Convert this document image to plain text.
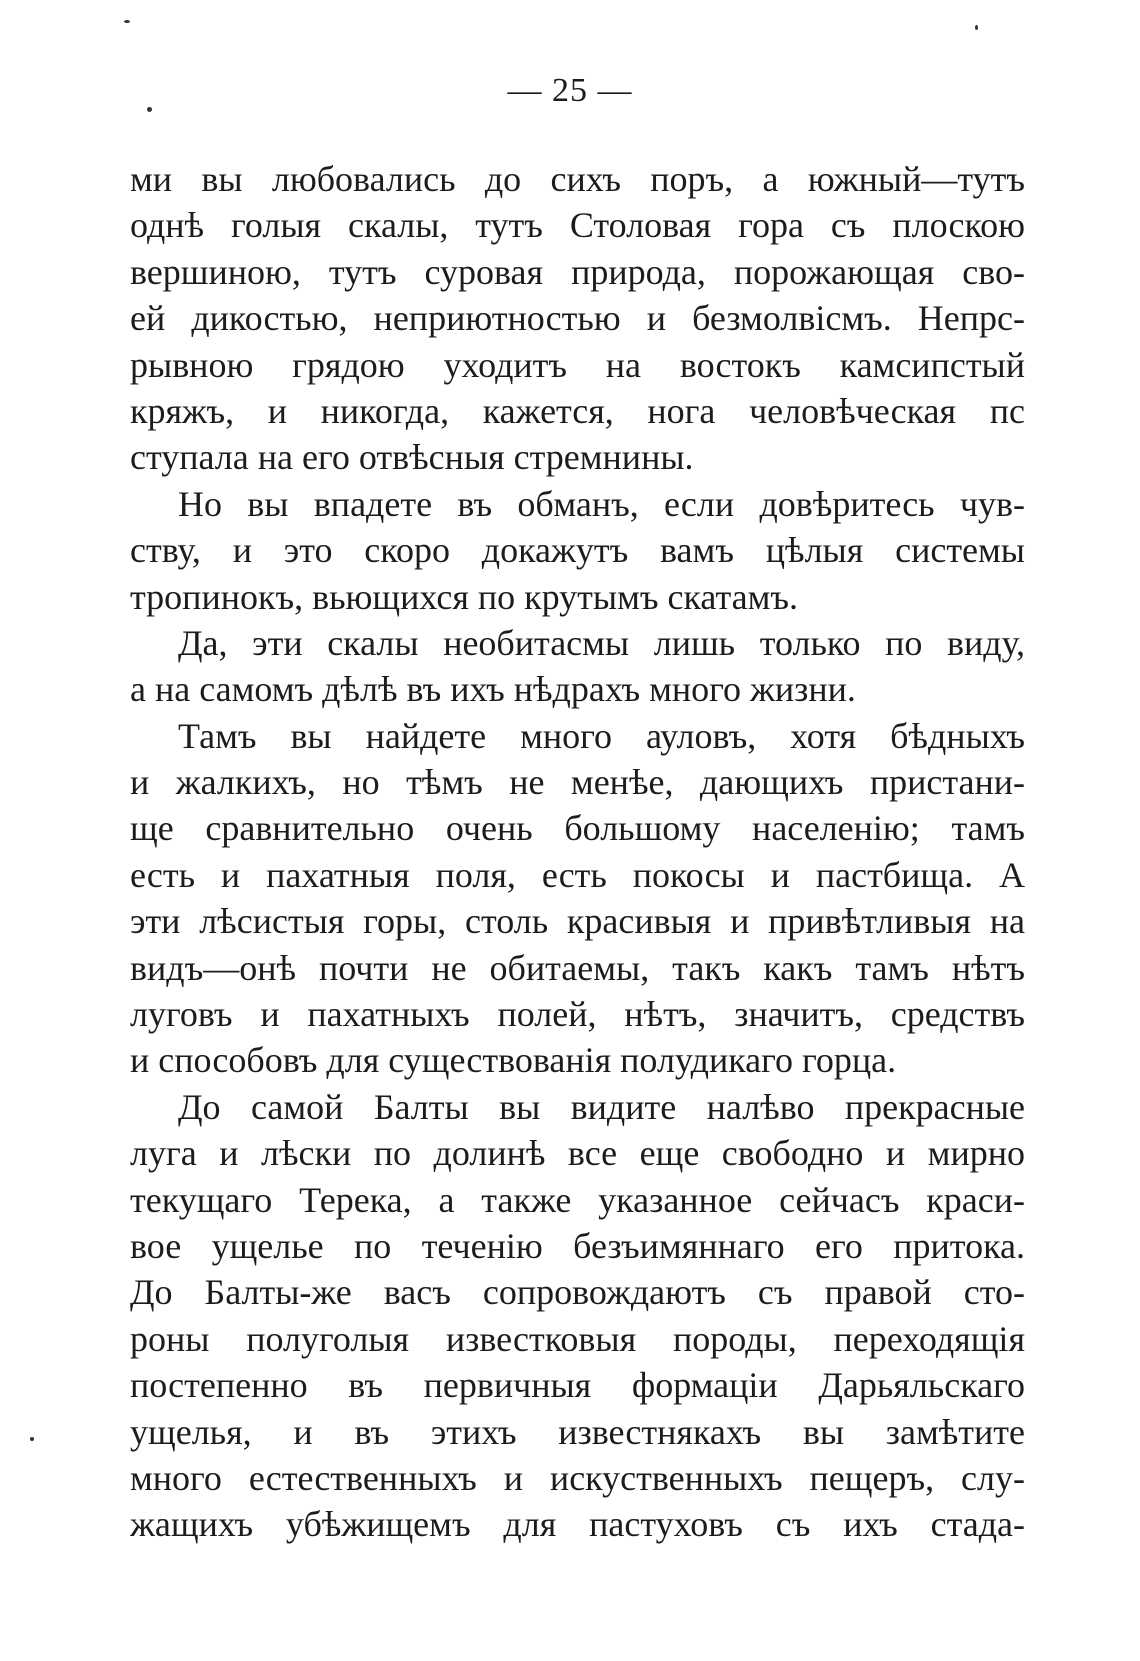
— 25 —
ми вы любовались до сихъ поръ, а южный—тутъ
однѣ голыя скалы, тутъ Столовая гора съ плоскою
вершиною, тутъ суровая природа, порожающая сво-
ей дикостью, неприютностью и безмолвісмъ. Непрс-
рывною грядою уходитъ на востокъ камсипстый
кряжъ, и никогда, кажется, нога человѣческая пс
ступала на его отвѣсныя стремнины.
Но вы впадете въ обманъ, если довѣритесь чув-
ству, и это скоро докажутъ вамъ цѣлыя системы
тропинокъ, вьющихся по крутымъ скатамъ.
Да, эти скалы необитасмы лишь только по виду,
а на самомъ дѣлѣ въ ихъ нѣдрахъ много жизни.
Тамъ вы найдете много ауловъ, хотя бѣдныхъ
и жалкихъ, но тѣмъ не менѣе, дающихъ пристани-
ще сравнительно очень большому населенію; тамъ
есть и пахатныя поля, есть покосы и пастбища. А
эти лѣсистыя горы, столь красивыя и привѣтливыя на
видъ—онѣ почти не обитаемы, такъ какъ тамъ нѣтъ
луговъ и пахатныхъ полей, нѣтъ, значитъ, средствъ
и способовъ для существованія полудикаго горца.
До самой Балты вы видите налѣво прекрасные
луга и лѣски по долинѣ все еще свободно и мирно
текущаго Терека, а также указанное сейчасъ краси-
вое ущелье по теченію безъимяннаго его притока.
До Балты-же васъ сопровождаютъ съ правой сто-
роны полуголыя известковыя породы, переходящія
постепенно въ первичныя формаціи Дарьяльскаго
ущелья, и въ этихъ известнякахъ вы замѣтите
много естественныхъ и искуственныхъ пещеръ, слу-
жащихъ убѣжищемъ для пастуховъ съ ихъ стада-
